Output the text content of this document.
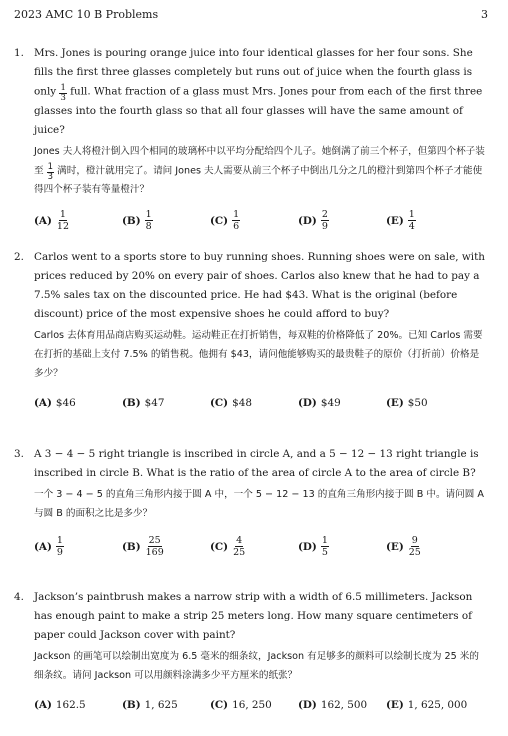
2023 AMC 10 B Problems	3
1. Mrs. Jones is pouring orange juice into four identical glasses for her four sons. She fills the first three glasses completely but runs out of juice when the fourth glass is only $\frac{1}{3}$ full. What fraction of a glass must Mrs. Jones pour from each of the first three glasses into the fourth glass so that all four glasses will have the same amount of juice?
Jones 夫人将橙汁倒入四个相同的玻璃杯中以平均分配给四个儿子。她倒满了前三个杯子，但第四个杯子装至 $\frac{1}{3}$ 满时，橙汁就用完了。请问 Jones 夫人需要从前三个杯子中倒出几分之几的橙汁到第四个杯子才能使得四个杯子装有等量橙汁？
$(A) \frac{1}{12}$	$(B) \frac{1}{8}$	$(C) \frac{1}{6}$	$(D) \frac{2}{9}$	$(E) \frac{1}{4}$
2. Carlos went to a sports store to buy running shoes. Running shoes were on sale, with prices reduced by 20% on every pair of shoes. Carlos also knew that he had to pay a 7.5% sales tax on the discounted price. He had $43. What is the original (before discount) price of the most expensive shoes he could afford to buy?
Carlos 去体育用品商店购买运动鞋。运动鞋正在打折销售，每双鞋的价格降低了 20%。已知 Carlos 需要在打折的基础上支付 7.5% 的销售税。他拥有 $43，请问他能够购买的最贵鞋子的原价（打折前）价格是多少？
(A) $46	(B) $47	(C) $48	(D) $49	(E) $50
3. A 3 − 4 − 5 right triangle is inscribed in circle A, and a 5 − 12 − 13 right triangle is inscribed in circle B. What is the ratio of the area of circle A to the area of circle B?
一个 3 − 4 − 5 的直角三角形内接于圆 A 中，一个 5 − 12 − 13 的直角三角形内接于圆 B 中。请问圆 A 与圆 B 的面积之比是多少？
$(A) \frac{1}{9}$	$(B) \frac{25}{169}$	$(C) \frac{4}{25}$	$(D) \frac{1}{5}$	$(E) \frac{9}{25}$
4. Jackson’s paintbrush makes a narrow strip with a width of 6.5 millimeters. Jackson has enough paint to make a strip 25 meters long. How many square centimeters of paper could Jackson cover with paint?
Jackson 的画笔可以绘制出宽度为 6.5 毫米的细条纹，Jackson 有足够多的颜料可以绘制长度为 25 米的细条纹。请问 Jackson 可以用颜料涂满多少平方厘米的纸张？
(A) 162.5	(B) 1, 625	(C) 16, 250	(D) 162, 500 (E) 1, 625, 000
